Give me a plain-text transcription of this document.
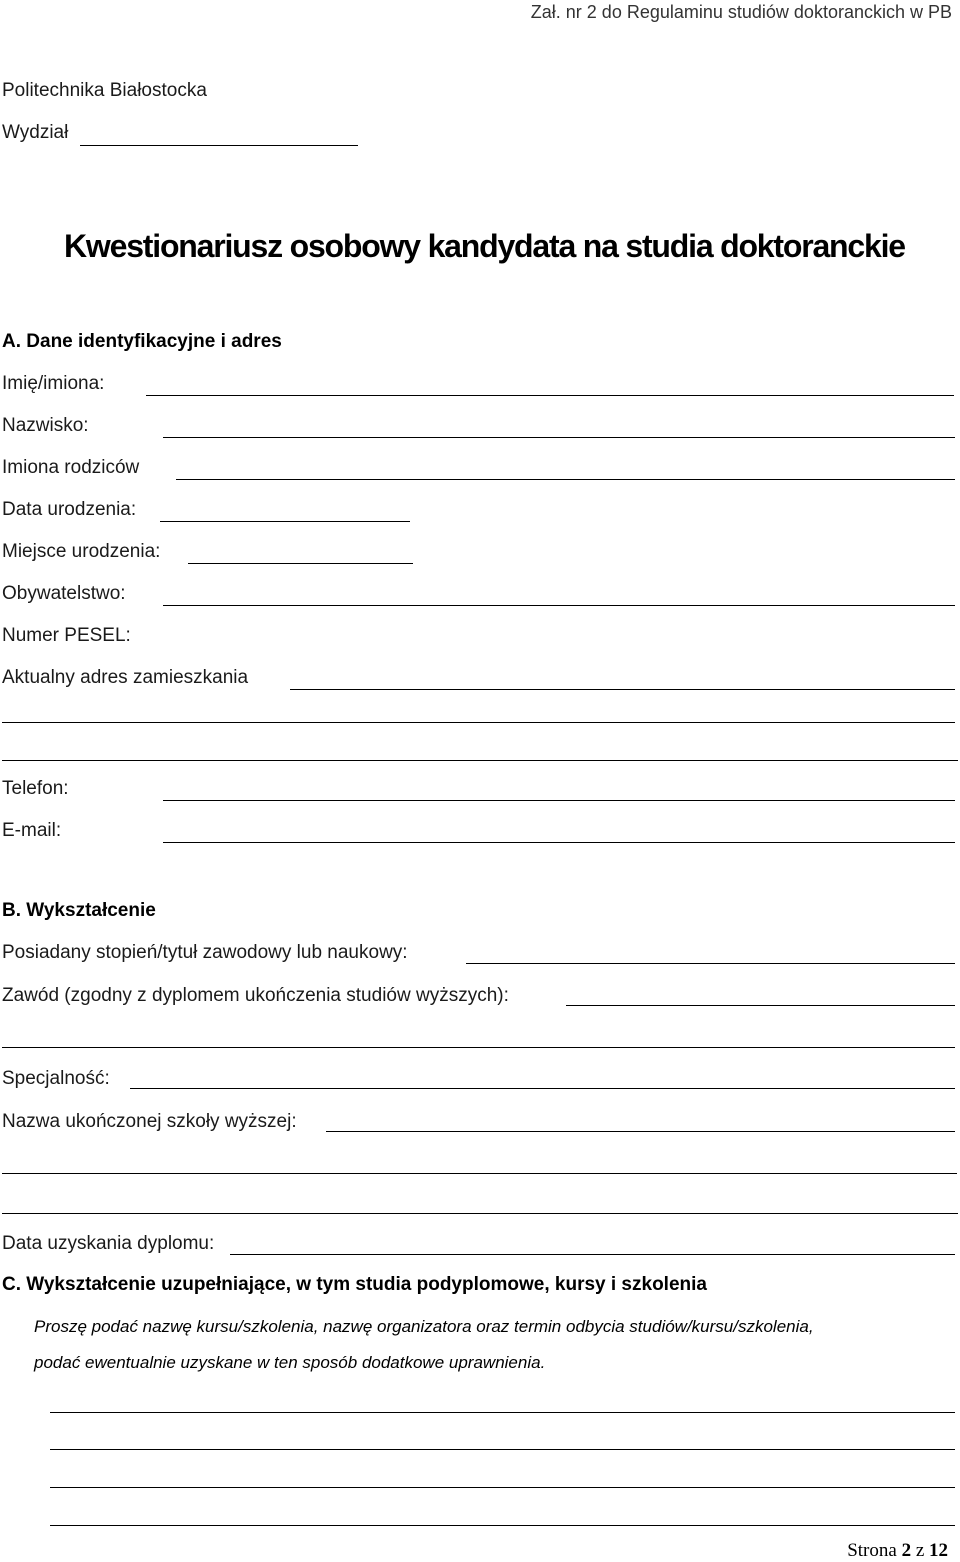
Zał. nr 2 do Regulaminu studiów doktoranckich w PB
Politechnika Białostocka
Wydział
Kwestionariusz osobowy kandydata na studia doktoranckie
A. Dane identyfikacyjne i adres
Imię/imiona:
Nazwisko:
Imiona rodziców
Data urodzenia:
Miejsce urodzenia:
Obywatelstwo:
Numer PESEL:
Aktualny adres zamieszkania
Telefon:
E-mail:
B. Wykształcenie
Posiadany stopień/tytuł zawodowy lub naukowy:
Zawód (zgodny z dyplomem ukończenia studiów wyższych):
Specjalność:
Nazwa ukończonej szkoły wyższej:
Data uzyskania dyplomu:
C. Wykształcenie uzupełniające, w tym studia podyplomowe, kursy i szkolenia
Proszę podać nazwę kursu/szkolenia, nazwę organizatora oraz termin odbycia studiów/kursu/szkolenia,
podać ewentualnie uzyskane w ten sposób dodatkowe uprawnienia.
Strona 2 z 12
